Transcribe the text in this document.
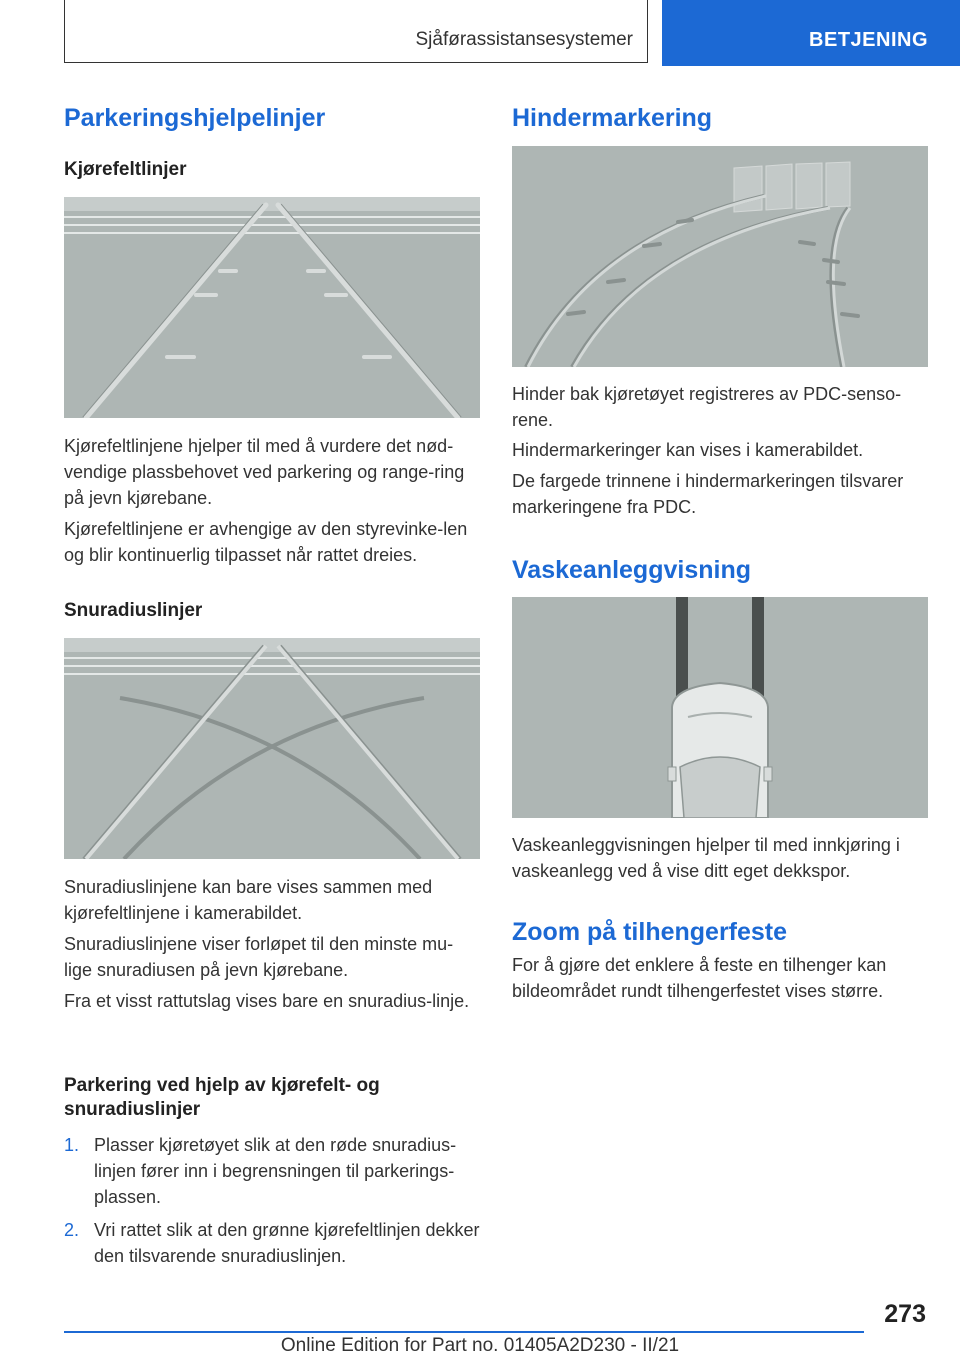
Sjåførassistansesystemer	BETJENING
Parkeringshjelpelinjer
Kjørefeltlinjer

Kjørefeltlinjene hjelper til med å vurdere det nød-vendige plassbehovet ved parkering og range-ring på jevn kjørebane.

Kjørefeltlinjene er avhengige av den styrevinke-len og blir kontinuerlig tilpasset når rattet dreies.

Snuradiuslinjer

Snuradiuslinjene kan bare vises sammen med kjørefeltlinjene i kamerabildet.

Snuradiuslinjene viser forløpet til den minste mu-lige snuradiusen på jevn kjørebane.

Fra et visst rattutslag vises bare en snuradius-linje.

Parkering ved hjelp av kjørefelt- og snuradiuslinjer
1. Plasser kjøretøyet slik at den røde snuradius-linjen fører inn i begrensningen til parkerings-plassen.
2. Vri rattet slik at den grønne kjørefeltlinjen dekker den tilsvarende snuradiuslinjen.
Hindermarkering

Hinder bak kjøretøyet registreres av PDC-senso-rene.

Hindermarkeringer kan vises i kamerabildet.

De fargede trinnene i hindermarkeringen tilsvarer markeringene fra PDC.

Vaskeanleggvisning

Vaskeanleggvisningen hjelper til med innkjøring i vaskeanlegg ved å vise ditt eget dekkspor.

Zoom på tilhengerfeste

For å gjøre det enklere å feste en tilhenger kan bildeområdet rundt tilhengerfestet vises større.

273
Online Edition for Part no. 01405A2D230 - II/21
